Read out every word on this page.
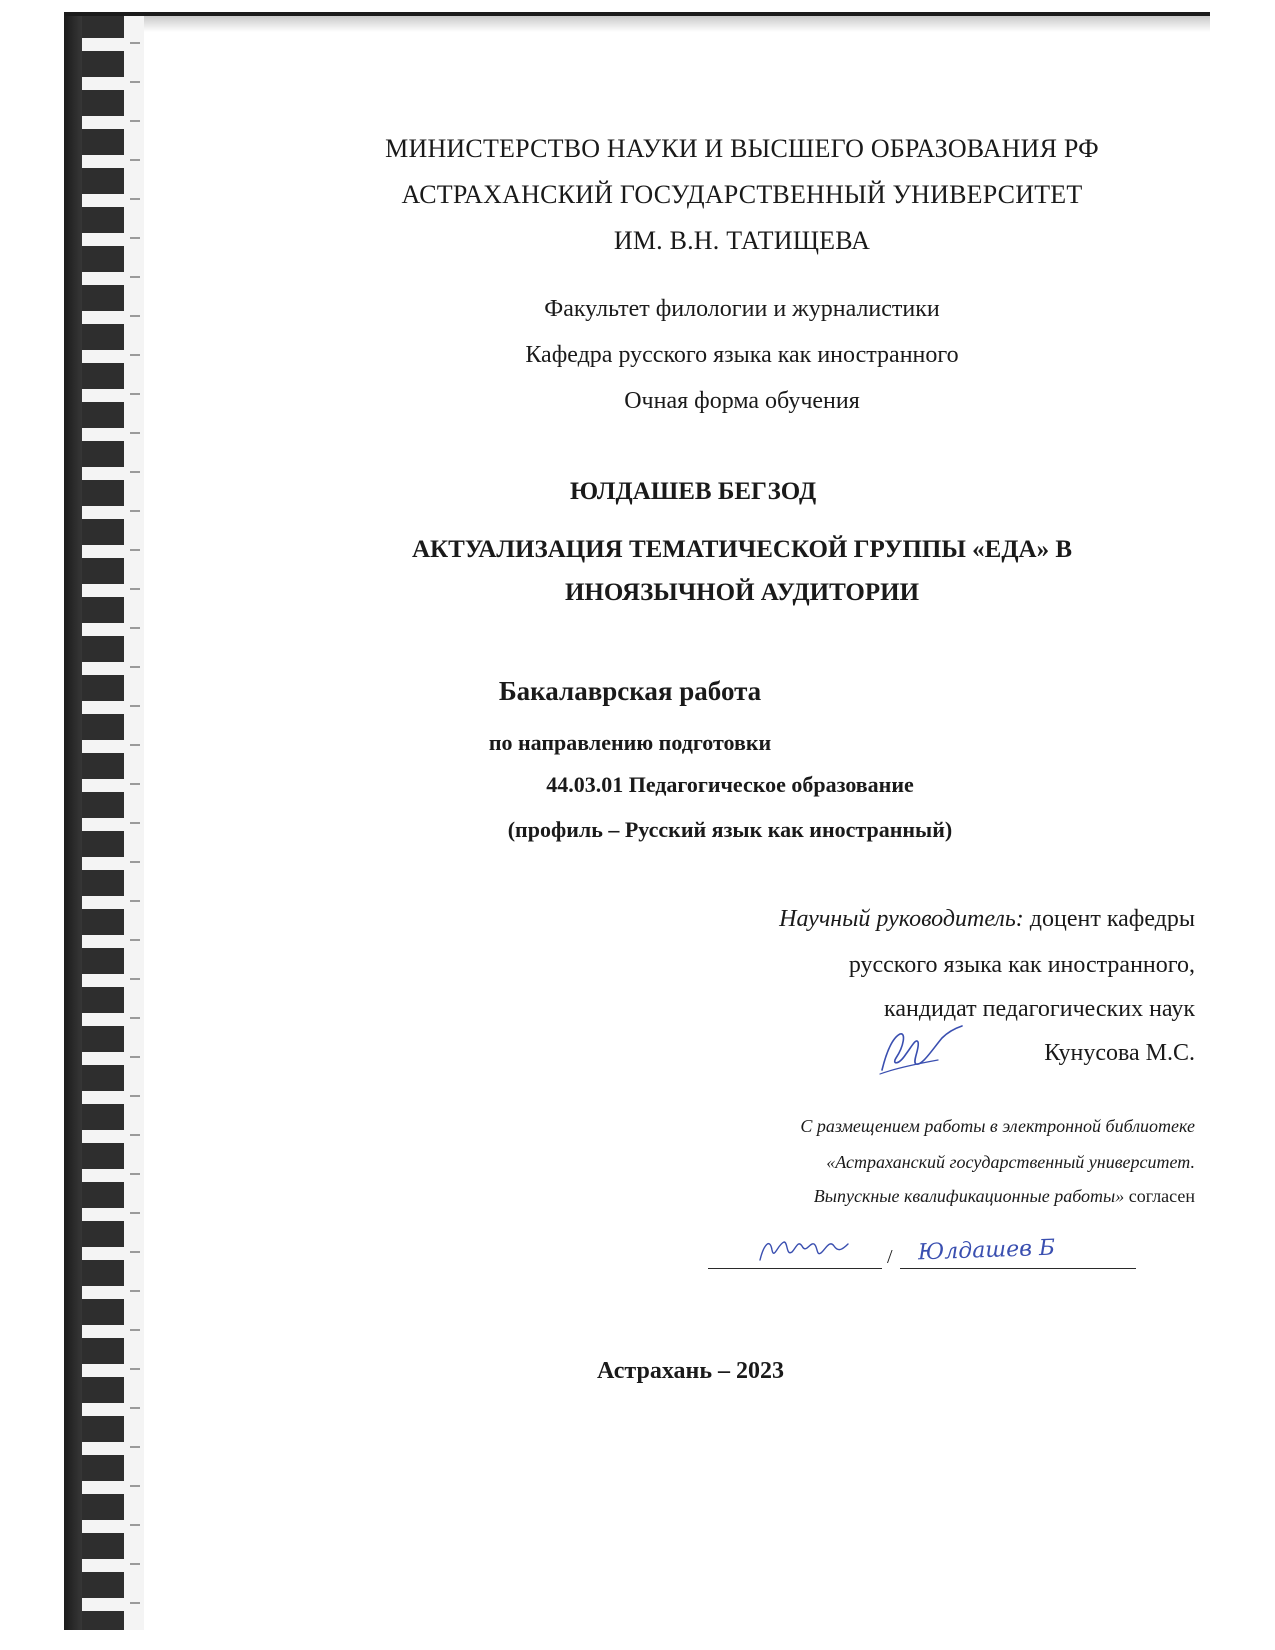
МИНИСТЕРСТВО НАУКИ И ВЫСШЕГО ОБРАЗОВАНИЯ РФ
АСТРАХАНСКИЙ ГОСУДАРСТВЕННЫЙ УНИВЕРСИТЕТ
ИМ. В.Н. ТАТИЩЕВА
Факультет филологии и журналистики
Кафедра русского языка как иностранного
Очная форма обучения
ЮЛДАШЕВ БЕГЗОД
АКТУАЛИЗАЦИЯ ТЕМАТИЧЕСКОЙ ГРУППЫ «ЕДА» В
ИНОЯЗЫЧНОЙ АУДИТОРИИ
Бакалаврская работа
по направлению подготовки
44.03.01 Педагогическое образование
(профиль – Русский язык как иностранный)
Научный руководитель: доцент кафедры
русского языка как иностранного,
кандидат педагогических наук
Кунусова М.С.
С размещением работы в электронной библиотеке
«Астраханский государственный университет.
Выпускные квалификационные работы» согласен
/ Юлдашев Б
Астрахань – 2023
